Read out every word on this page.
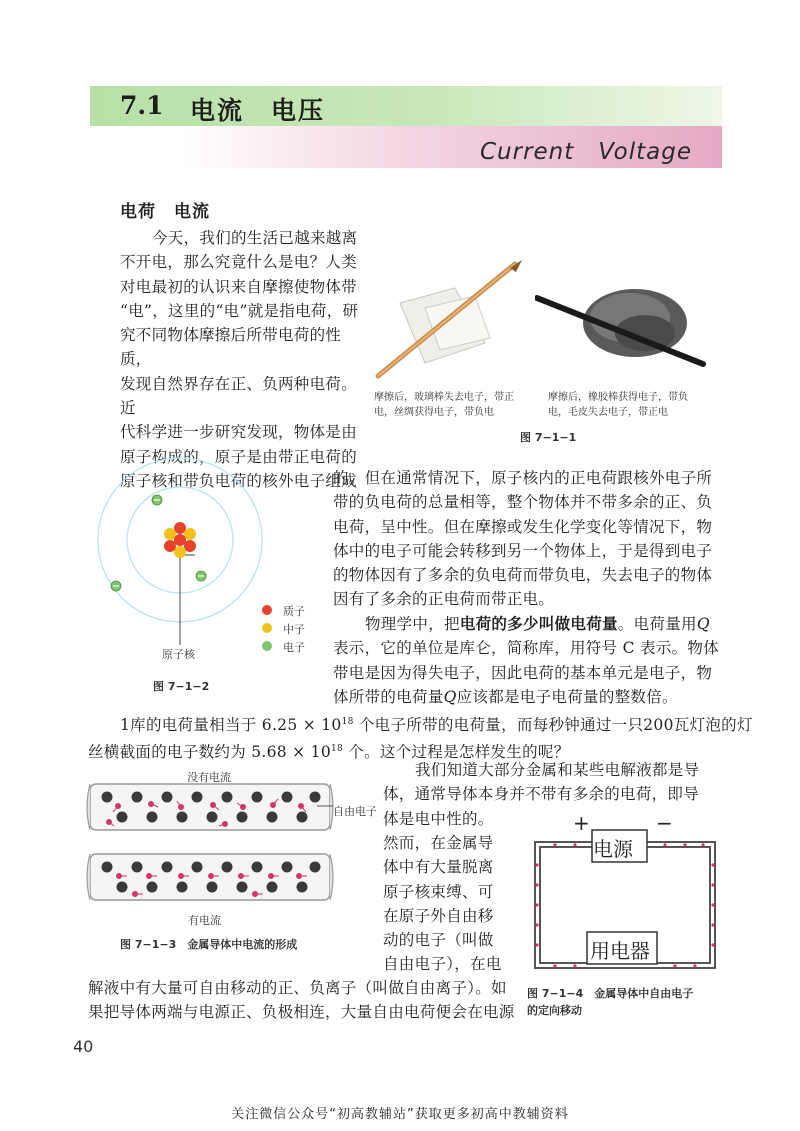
7.1 电流　电压
Current　Voltage
电荷　电流
今天，我们的生活已越来越离
不开电，那么究竟什么是电？人类
对电最初的认识来自摩擦使物体带
“电”，这里的“电”就是指电荷，研
究不同物体摩擦后所带电荷的性质，
发现自然界存在正、负两种电荷。近
代科学进一步研究发现，物体是由
原子构成的，原子是由带正电荷的
原子核和带负电荷的核外电子组成
摩擦后，玻璃棒失去电子，带正电，丝绸获得电子，带负电
摩擦后，橡胶棒获得电子，带负电，毛皮失去电子，带正电
图 7−1−1
质子
中子
电子
原子核
图 7−1−2
的。但在通常情况下，原子核内的正电荷跟核外电子所
带的负电荷的总量相等，整个物体并不带多余的正、负
电荷，呈中性。但在摩擦或发生化学变化等情况下，物
体中的电子可能会转移到另一个物体上，于是得到电子
的物体因有了多余的负电荷而带负电，失去电子的物体
因有了多余的正电荷而带正电。
物理学中，把电荷的多少叫做电荷量。电荷量用Q
表示，它的单位是库仑，简称库，用符号 C 表示。物体
带电是因为得失电子，因此电荷的基本单元是电子，物
体所带的电荷量Q应该都是电子电荷量的整数倍。
1库的电荷量相当于 $6.25 \times 10^{18}$ 个电子所带的电荷量，而每秒钟通过一只200瓦灯泡的灯
丝横截面的电子数约为 $5.68 \times 10^{18}$ 个。这个过程是怎样发生的呢？
没有电流
自由电子
有电流
图 7−1−3　金属导体中电流的形成
我们知道大部分金属和某些电解液都是导
体，通常导体本身并不带有多余的电荷，即导
体是电中性的。
然而，在金属导
体中有大量脱离
原子核束缚、可
在原子外自由移
动的电子（叫做
自由电子），在电
解液中有大量可自由移动的正、负离子（叫做自由离子）。如
果把导体两端与电源正、负极相连，大量自由电荷便会在电源
+	−
电源
用电器
图 7−1−4　金属导体中自由电子
的定向移动
40
关注微信公众号“初高教辅站”获取更多初高中教辅资料
